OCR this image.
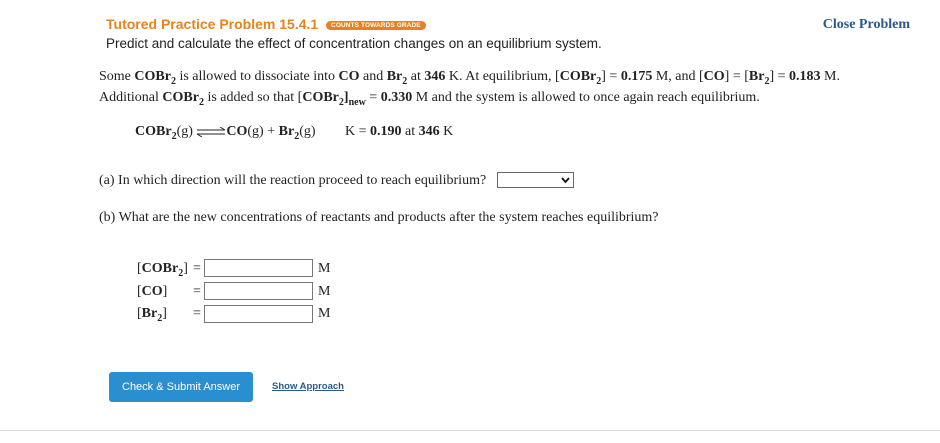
Tutored Practice Problem 15.4.1 COUNTS TOWARDS GRADE	Close Problem
Predict and calculate the effect of concentration changes on an equilibrium system.
Some COBr$_2$ is allowed to dissociate into CO and $Br_2$ at 346 K. At equilibrium, [COBr$_2$] = 0.175 M, and $[CO] = [Br_2] = 0.183$ M.
Additional COBr$_2$ is added so that $[COBr_2]_{new} = 0.330$ M and the system is allowed to once again reach equilibrium.
COBr$_2$(g) ⇌CO(g) + $Br_2(g) K = 0.190$ at 346 K
(a) In which direction will the reaction proceed to reach equilibrium?
(b) What are the new concentrations of reactants and products after the system reaches equilibrium?
[COBr$_2$] =	M
[CO] =	M
$[Br_2]$ =	M
Check & Submit Answer	Show Approach
